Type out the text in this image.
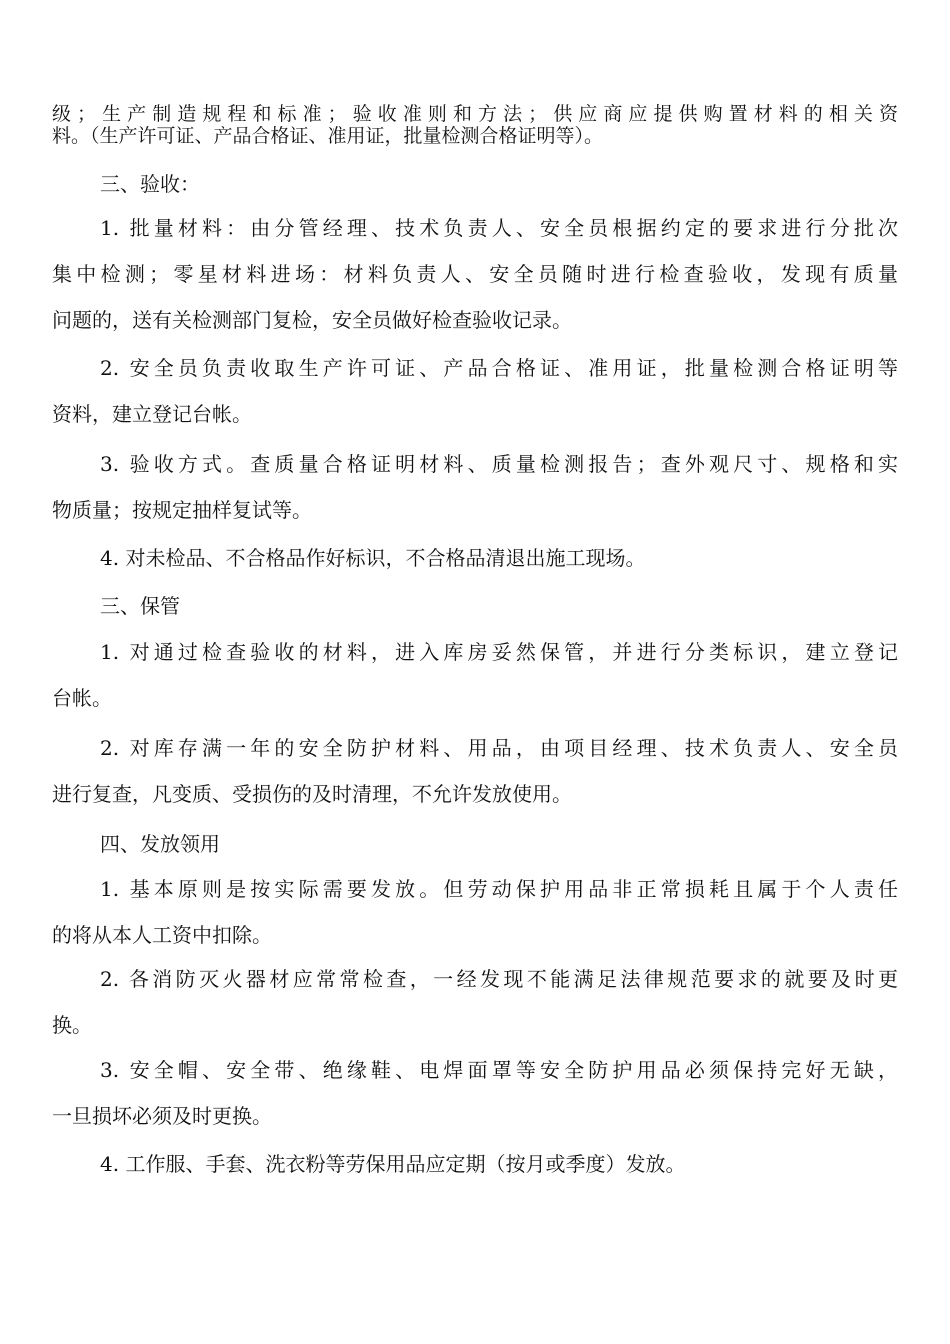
级；生产制造规程和标准；验收准则和方法；供应商应提供购置材料的相关资
料。（生产许可证、产品合格证、准用证，批量检测合格证明等）。
三、验收：
1. 批量材料：由分管经理、技术负责人、安全员根据约定的要求进行分批次
集中检测；零星材料进场：材料负责人、安全员随时进行检查验收，发现有质量
问题的，送有关检测部门复检，安全员做好检查验收记录。
2. 安全员负责收取生产许可证、产品合格证、准用证，批量检测合格证明等
资料，建立登记台帐。
3. 验收方式。查质量合格证明材料、质量检测报告；查外观尺寸、规格和实
物质量；按规定抽样复试等。
4. 对未检品、不合格品作好标识，不合格品清退出施工现场。
三、保管
1. 对通过检查验收的材料，进入库房妥然保管，并进行分类标识，建立登记
台帐。
2. 对库存满一年的安全防护材料、用品，由项目经理、技术负责人、安全员
进行复查，凡变质、受损伤的及时清理，不允许发放使用。
四、发放领用
1. 基本原则是按实际需要发放。但劳动保护用品非正常损耗且属于个人责任
的将从本人工资中扣除。
2. 各消防灭火器材应常常检查，一经发现不能满足法律规范要求的就要及时更
换。
3. 安全帽、安全带、绝缘鞋、电焊面罩等安全防护用品必须保持完好无缺，
一旦损坏必须及时更换。
4. 工作服、手套、洗衣粉等劳保用品应定期（按月或季度）发放。
